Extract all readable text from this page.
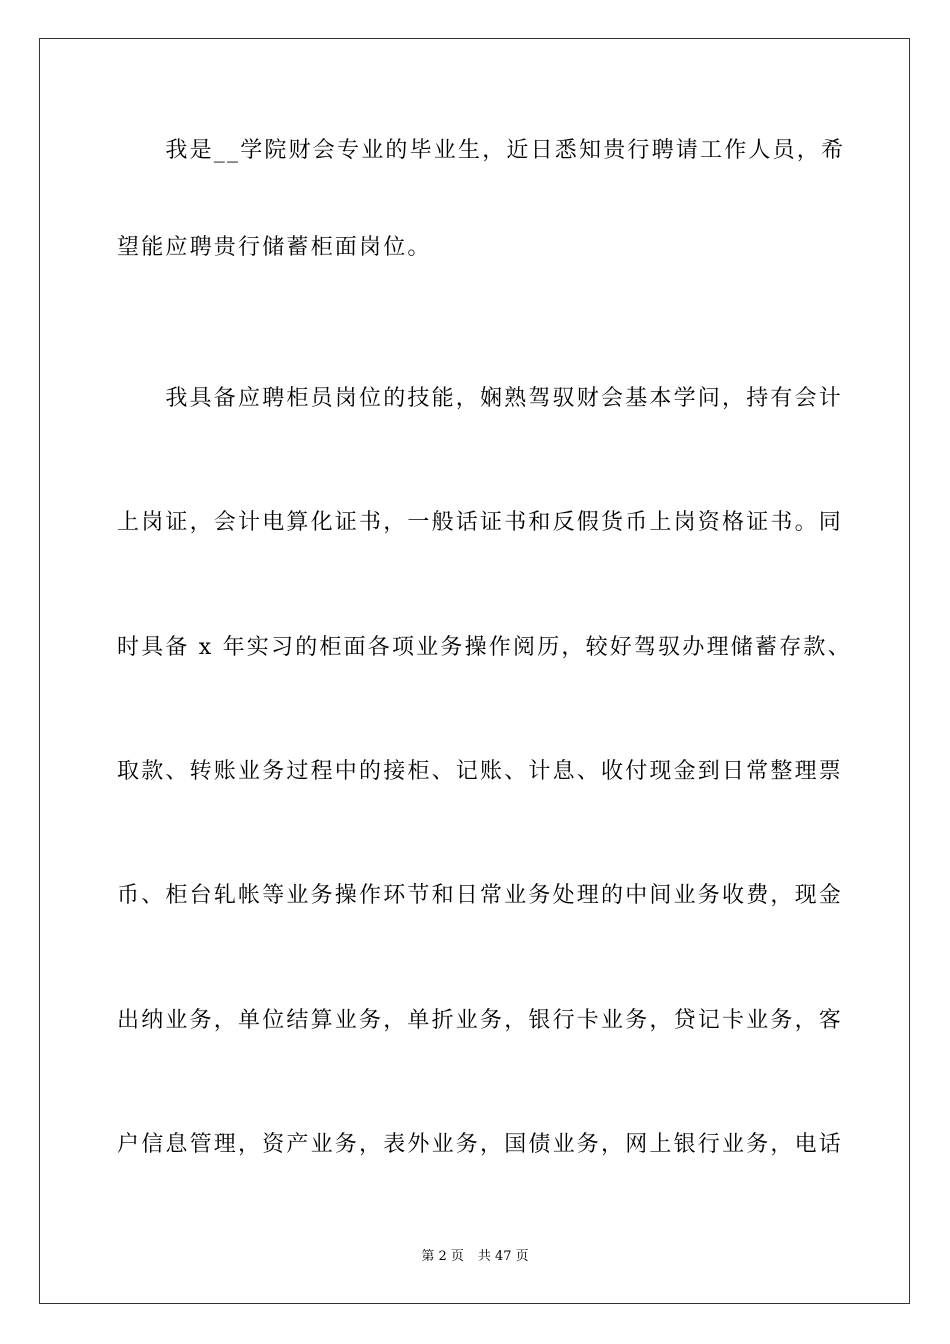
　　我是__学院财会专业的毕业生，近日悉知贵行聘请工作人员，希
望能应聘贵行储蓄柜面岗位。
　　我具备应聘柜员岗位的技能，娴熟驾驭财会基本学问，持有会计
上岗证，会计电算化证书，一般话证书和反假货币上岗资格证书。同
时具备 x 年实习的柜面各项业务操作阅历，较好驾驭办理储蓄存款、
取款、转账业务过程中的接柜、记账、计息、收付现金到日常整理票
币、柜台轧帐等业务操作环节和日常业务处理的中间业务收费，现金
出纳业务，单位结算业务，单折业务，银行卡业务，贷记卡业务，客
户信息管理，资产业务，表外业务，国债业务，网上银行业务，电话
第 2 页 共 47 页
